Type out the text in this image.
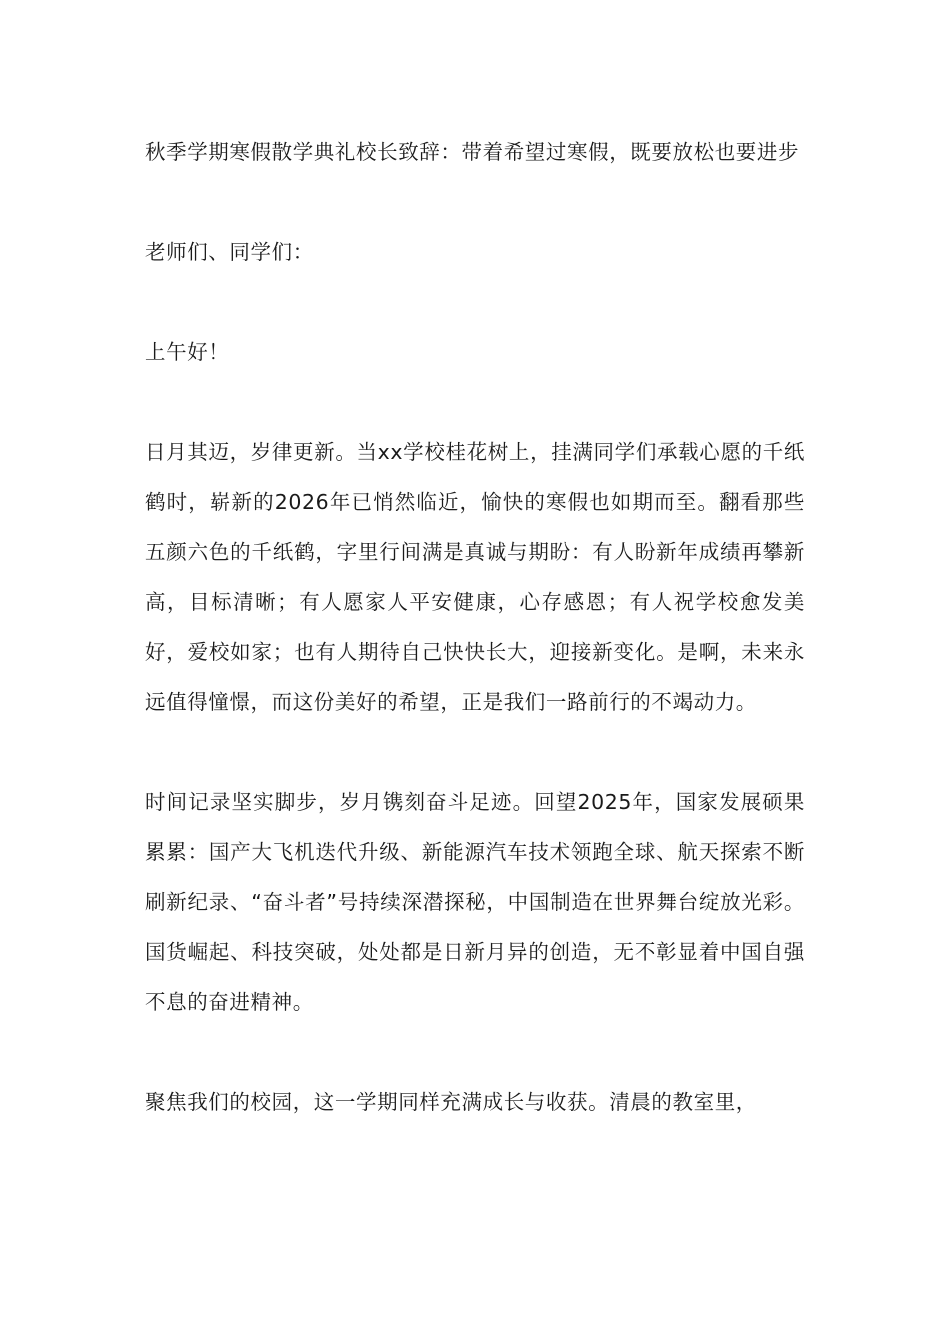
秋季学期寒假散学典礼校长致辞：带着希望过寒假，既要放松也要进步

老师们、同学们：

上午好！

日月其迈，岁律更新。当xx学校桂花树上，挂满同学们承载心愿的千纸鹤时，崭新的2026年已悄然临近，愉快的寒假也如期而至。翻看那些五颜六色的千纸鹤，字里行间满是真诚与期盼：有人盼新年成绩再攀新高，目标清晰；有人愿家人平安健康，心存感恩；有人祝学校愈发美好，爱校如家；也有人期待自己快快长大，迎接新变化。是啊，未来永远值得憧憬，而这份美好的希望，正是我们一路前行的不竭动力。

时间记录坚实脚步，岁月镌刻奋斗足迹。回望2025年，国家发展硕果累累：国产大飞机迭代升级、新能源汽车技术领跑全球、航天探索不断刷新纪录、“奋斗者”号持续深潜探秘，中国制造在世界舞台绽放光彩。国货崛起、科技突破，处处都是日新月异的创造，无不彰显着中国自强不息的奋进精神。

聚焦我们的校园，这一学期同样充满成长与收获。清晨的教室里，
